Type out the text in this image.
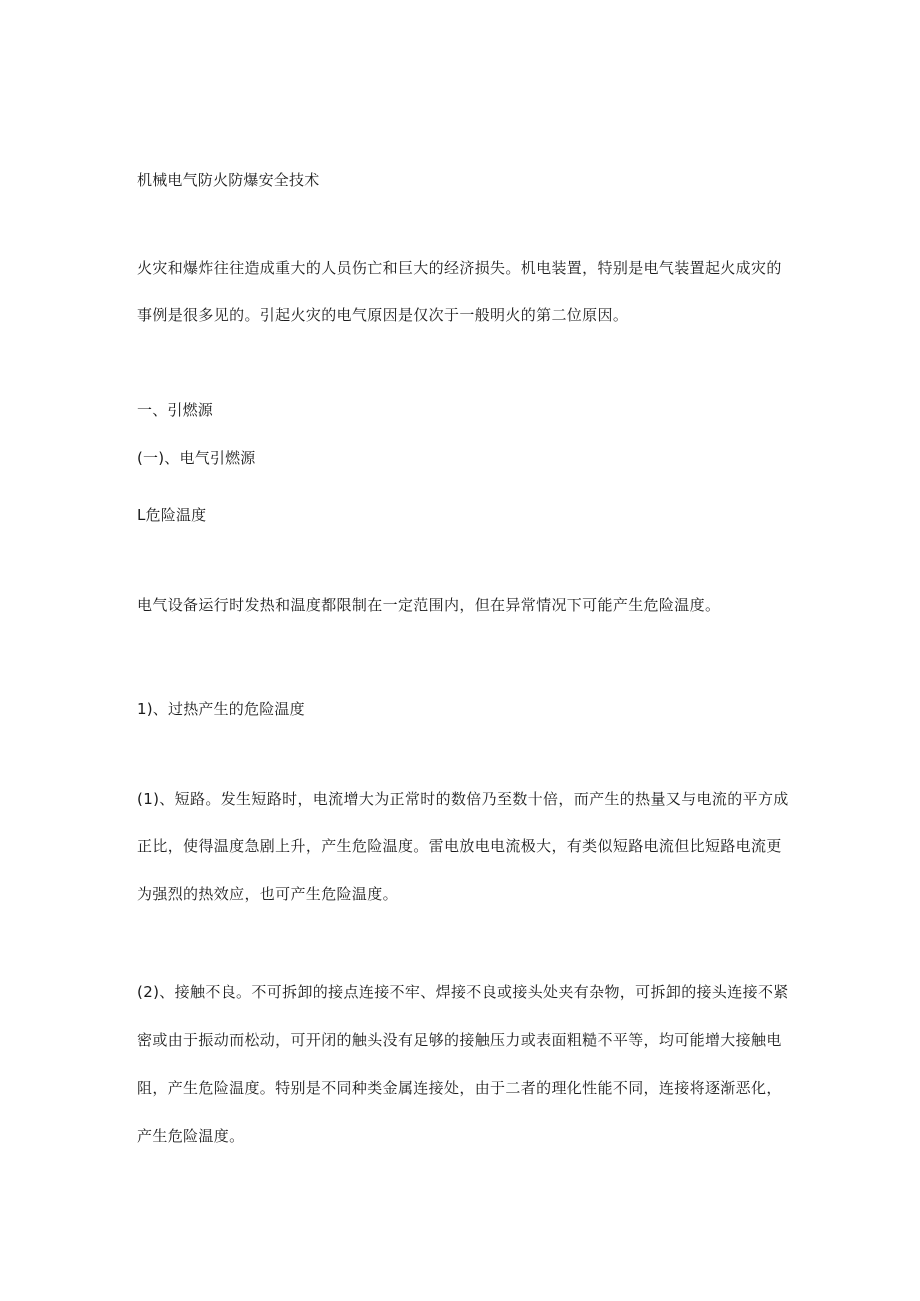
机械电气防火防爆安全技术
火灾和爆炸往往造成重大的人员伤亡和巨大的经济损失。机电装置，特别是电气装置起火成灾的
事例是很多见的。引起火灾的电气原因是仅次于一般明火的第二位原因。
一、引燃源
(一)、电气引燃源
L危险温度
电气设备运行时发热和温度都限制在一定范围内，但在异常情况下可能产生危险温度。
1)、过热产生的危险温度
(1)、短路。发生短路时，电流增大为正常时的数倍乃至数十倍，而产生的热量又与电流的平方成
正比，使得温度急剧上升，产生危险温度。雷电放电电流极大，有类似短路电流但比短路电流更
为强烈的热效应，也可产生危险温度。
(2)、接触不良。不可拆卸的接点连接不牢、焊接不良或接头处夹有杂物，可拆卸的接头连接不紧
密或由于振动而松动，可开闭的触头没有足够的接触压力或表面粗糙不平等，均可能增大接触电
阻，产生危险温度。特别是不同种类金属连接处，由于二者的理化性能不同，连接将逐渐恶化，
产生危险温度。
